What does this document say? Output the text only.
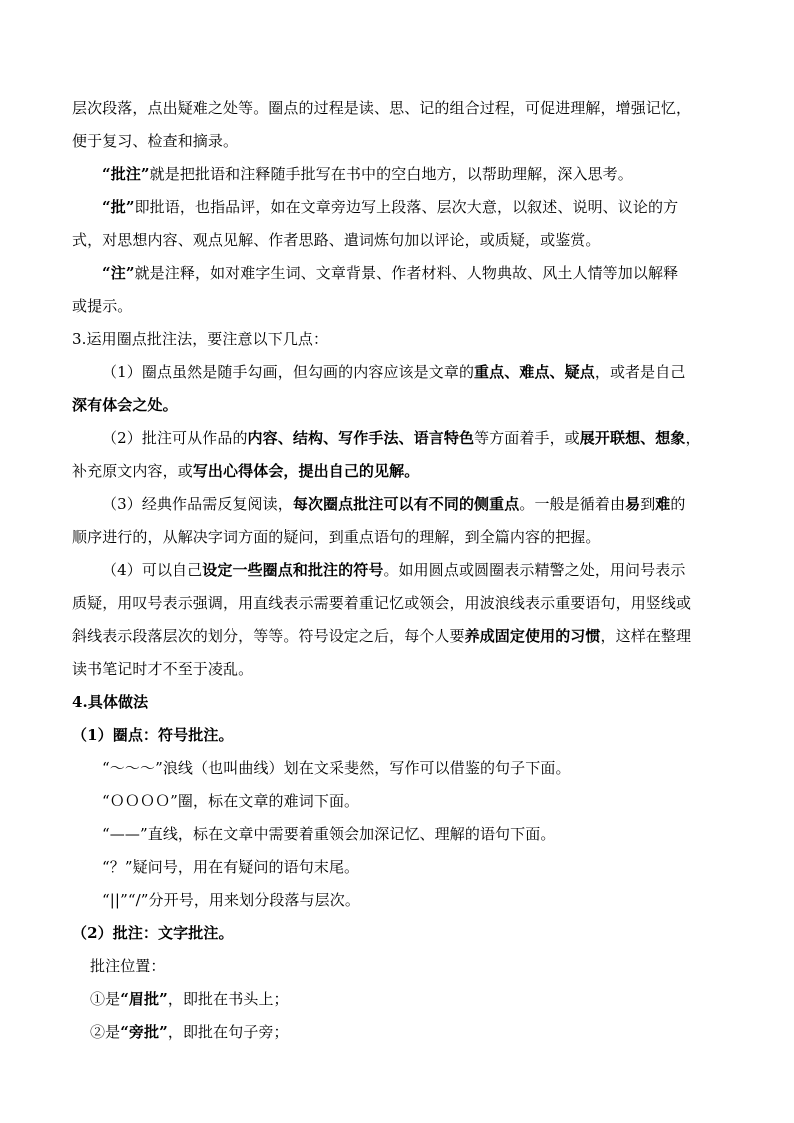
层次段落，点出疑难之处等。圈点的过程是读、思、记的组合过程，可促进理解，增强记忆，
便于复习、检查和摘录。
“批注”就是把批语和注释随手批写在书中的空白地方，以帮助理解，深入思考。
“批”即批语，也指品评，如在文章旁边写上段落、层次大意，以叙述、说明、议论的方
式，对思想内容、观点见解、作者思路、遣词炼句加以评论，或质疑，或鉴赏。
“注”就是注释，如对难字生词、文章背景、作者材料、人物典故、风土人情等加以解释
或提示。
3.运用圈点批注法，要注意以下几点：
（1）圈点虽然是随手勾画，但勾画的内容应该是文章的重点、难点、疑点，或者是自己
深有体会之处。
（2）批注可从作品的内容、结构、写作手法、语言特色等方面着手，或展开联想、想象，
补充原文内容，或写出心得体会，提出自己的见解。
（3）经典作品需反复阅读，每次圈点批注可以有不同的侧重点。一般是循着由易到难的
顺序进行的，从解决字词方面的疑问，到重点语句的理解，到全篇内容的把握。
（4）可以自己设定一些圈点和批注的符号。如用圆点或圆圈表示精警之处，用问号表示
质疑，用叹号表示强调，用直线表示需要着重记忆或领会，用波浪线表示重要语句，用竖线或
斜线表示段落层次的划分，等等。符号设定之后，每个人要养成固定使用的习惯，这样在整理
读书笔记时才不至于凌乱。
4.具体做法
（1）圈点：符号批注。
“～～～”浪线（也叫曲线）划在文采斐然，写作可以借鉴的句子下面。
“ＯＯＯＯ”圈，标在文章的难词下面。
“——”直线，标在文章中需要着重领会加深记忆、理解的语句下面。
“？”疑问号，用在有疑问的语句末尾。
“||”“/”分开号，用来划分段落与层次。
（2）批注：文字批注。
批注位置：
①是“眉批”，即批在书头上；
②是“旁批”，即批在句子旁；
